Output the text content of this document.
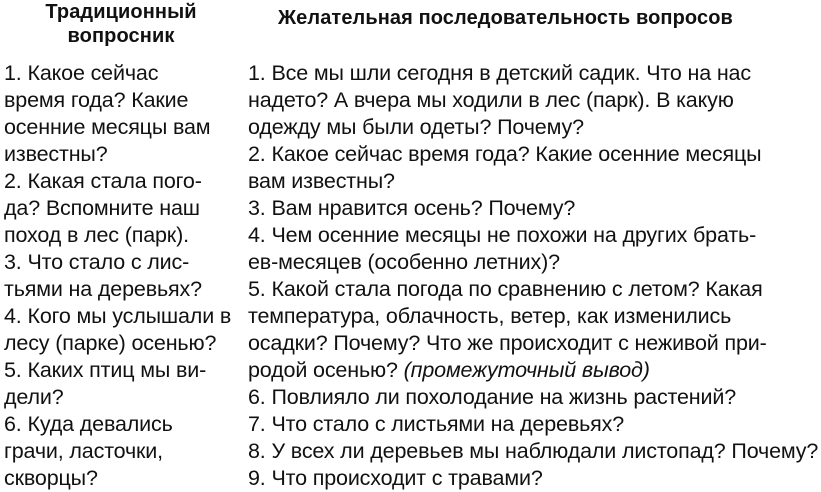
Традиционный
вопросник
1. Какое сейчас
время года? Какие
осенние месяцы вам
известны?
2. Какая стала пого-
да? Вспомните наш
поход в лес (парк).
3. Что стало с лис-
тьями на деревьях?
4. Кого мы услышали в
лесу (парке) осенью?
5. Каких птиц мы ви-
дели?
6. Куда девались
грачи, ласточки,
скворцы?
Желательная последовательность вопросов
1. Все мы шли сегодня в детский садик. Что на нас
надето? А вчера мы ходили в лес (парк). В какую
одежду мы были одеты? Почему?
2. Какое сейчас время года? Какие осенние месяцы
вам известны?
3. Вам нравится осень? Почему?
4. Чем осенние месяцы не похожи на других брать-
ев-месяцев (особенно летних)?
5. Какой стала погода по сравнению с летом? Какая
температура, облачность, ветер, как изменились
осадки? Почему? Что же происходит с неживой при-
родой осенью? (промежуточный вывод)
6. Повлияло ли похолодание на жизнь растений?
7. Что стало с листьями на деревьях?
8. У всех ли деревьев мы наблюдали листопад? Почему?
9. Что происходит с травами?
